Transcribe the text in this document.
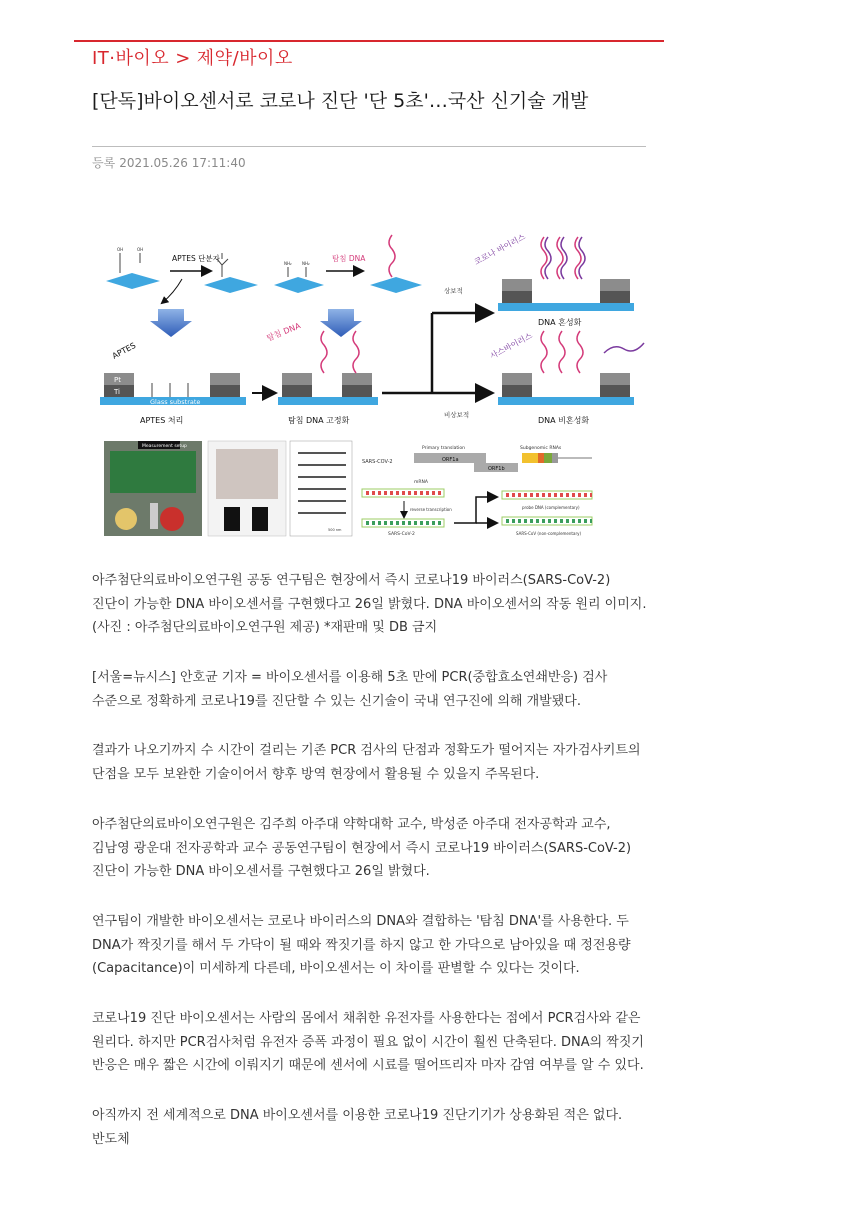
IT·바이오 > 제약/바이오
[단독]바이오센서로 코로나 진단 '단 5초'…국산 신기술 개발
등록 2021.05.26 17:11:40
OH	OH
APTES 단분자
NH₂	NH₂
탐침 DNA
Pt
Ti
Glass substrate
APTES
APTES 처리
탐침 DNA
탐침 DNA 고정화
상보적
비상보적
코로나 바이러스
DNA 혼성화
사스바이러스
DNA 비혼성화
Measurement setup
500 nm
SARS-COV-2
Primary translation	Subgenomic RNAs
ORF1a
ORF1b
mRNA
reverse transcription
SARS-CoV-2
probe DNA (complementary)
SARS-CoV (non-complementary)
아주첨단의료바이오연구원 공동 연구팀은 현장에서 즉시 코로나19 바이러스(SARS-CoV-2) 진단이 가능한 DNA 바이오센서를 구현했다고 26일 밝혔다. DNA 바이오센서의 작동 원리 이미지.(사진 : 아주첨단의료바이오연구원 제공) *재판매 및 DB 금지
[서울=뉴시스] 안호균 기자 = 바이오센서를 이용해 5초 만에 PCR(중합효소연쇄반응) 검사 수준으로 정확하게 코로나19를 진단할 수 있는 신기술이 국내 연구진에 의해 개발됐다.
결과가 나오기까지 수 시간이 걸리는 기존 PCR 검사의 단점과 정확도가 떨어지는 자가검사키트의 단점을 모두 보완한 기술이어서 향후 방역 현장에서 활용될 수 있을지 주목된다.
아주첨단의료바이오연구원은 김주희 아주대 약학대학 교수, 박성준 아주대 전자공학과 교수, 김남영 광운대 전자공학과 교수 공동연구팀이 현장에서 즉시 코로나19 바이러스(SARS-CoV-2) 진단이 가능한 DNA 바이오센서를 구현했다고 26일 밝혔다.
연구팀이 개발한 바이오센서는 코로나 바이러스의 DNA와 결합하는 '탐침 DNA'를 사용한다. 두 DNA가 짝짓기를 해서 두 가닥이 될 때와 짝짓기를 하지 않고 한 가닥으로 남아있을 때 정전용량(Capacitance)이 미세하게 다른데, 바이오센서는 이 차이를 판별할 수 있다는 것이다.
코로나19 진단 바이오센서는 사람의 몸에서 채취한 유전자를 사용한다는 점에서 PCR검사와 같은 원리다. 하지만 PCR검사처럼 유전자 증폭 과정이 필요 없이 시간이 훨씬 단축된다. DNA의 짝짓기 반응은 매우 짧은 시간에 이뤄지기 때문에 센서에 시료를 떨어뜨리자 마자 감염 여부를 알 수 있다.
아직까지 전 세계적으로 DNA 바이오센서를 이용한 코로나19 진단기기가 상용화된 적은 없다. 반도체
